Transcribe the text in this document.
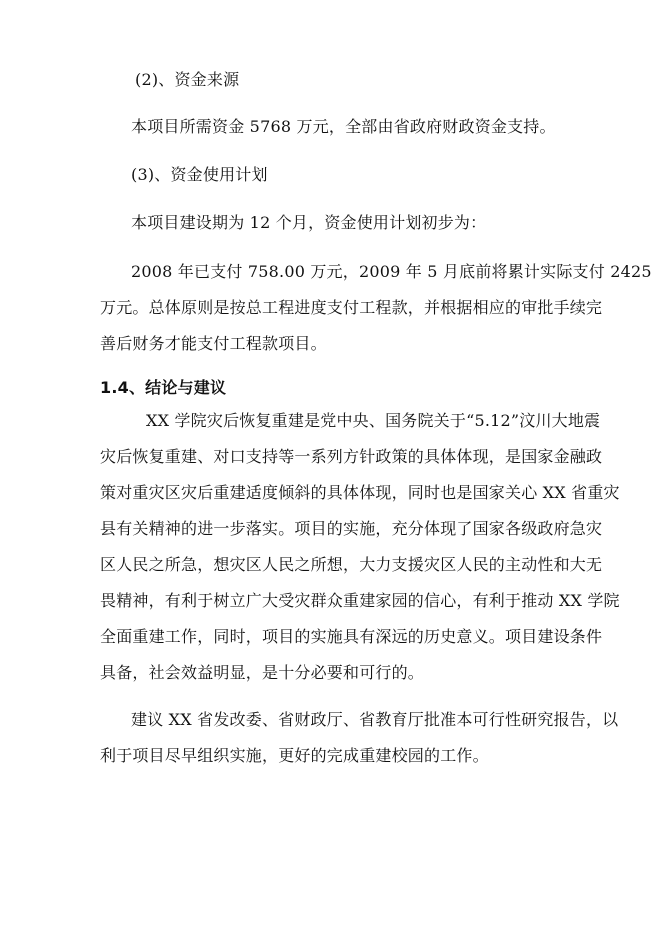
(2)、资金来源
本项目所需资金 5768 万元，全部由省政府财政资金支持。
(3)、资金使用计划
本项目建设期为 12 个月，资金使用计划初步为：
2008 年已支付 758.00 万元，2009 年 5 月底前将累计实际支付 2425
万元。总体原则是按总工程进度支付工程款，并根据相应的审批手续完
善后财务才能支付工程款项目。
1.4、结论与建议
XX 学院灾后恢复重建是党中央、国务院关于“5.12”汶川大地震
灾后恢复重建、对口支持等一系列方针政策的具体体现，是国家金融政
策对重灾区灾后重建适度倾斜的具体体现，同时也是国家关心 XX 省重灾
县有关精神的进一步落实。项目的实施，充分体现了国家各级政府急灾
区人民之所急，想灾区人民之所想，大力支援灾区人民的主动性和大无
畏精神，有利于树立广大受灾群众重建家园的信心，有利于推动 XX 学院
全面重建工作，同时，项目的实施具有深远的历史意义。项目建设条件
具备，社会效益明显，是十分必要和可行的。
建议 XX 省发改委、省财政厅、省教育厅批准本可行性研究报告，以
利于项目尽早组织实施，更好的完成重建校园的工作。
